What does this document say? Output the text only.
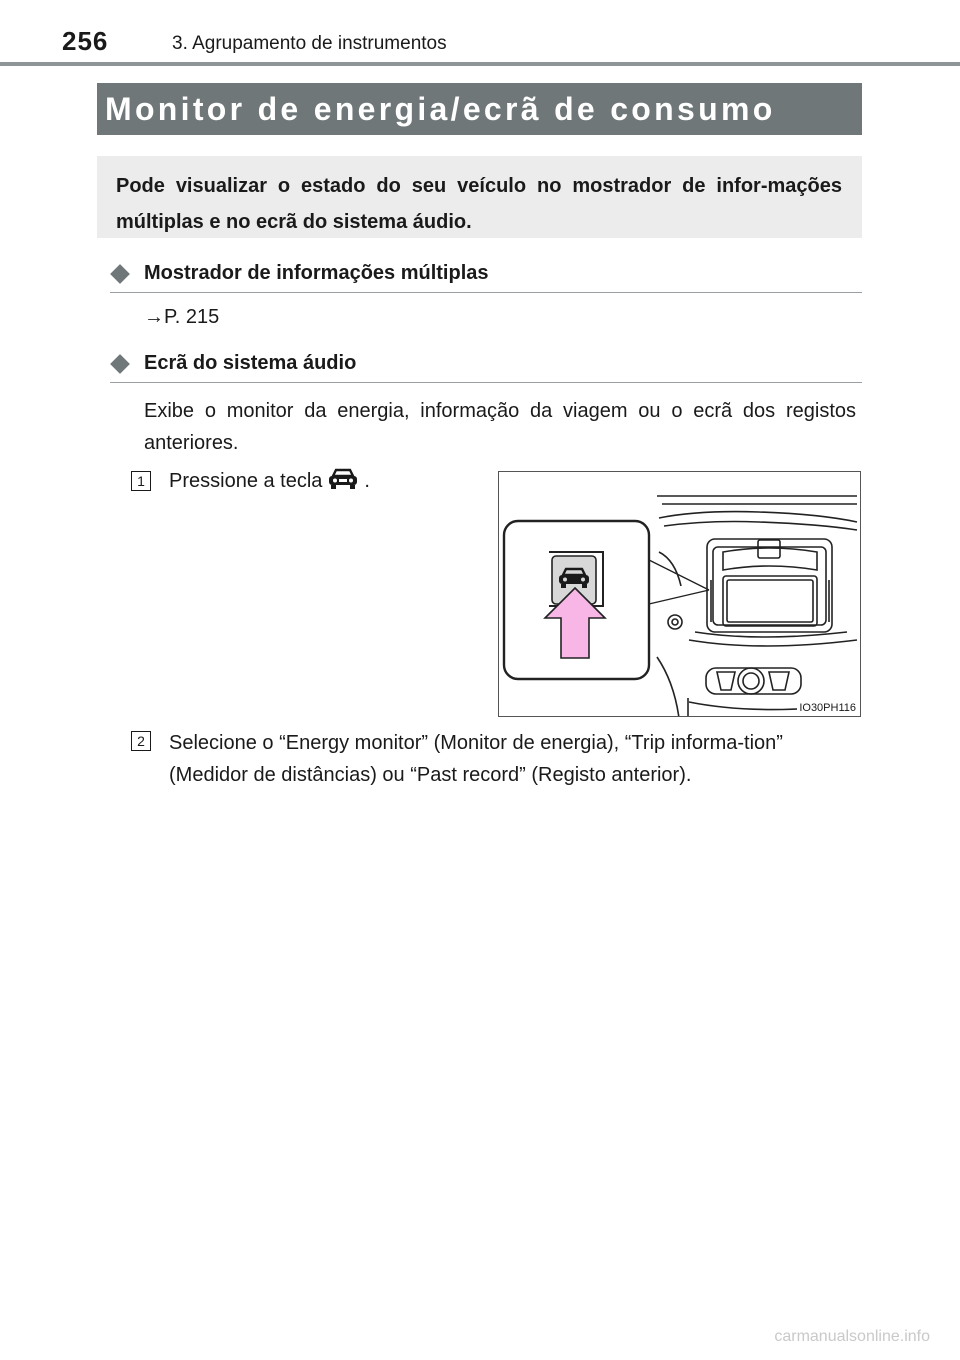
256	3. Agrupamento de instrumentos
Monitor de energia/ecrã de consumo
Pode visualizar o estado do seu veículo no mostrador de infor-mações múltiplas e no ecrã do sistema áudio.
Mostrador de informações múltiplas
→P. 215
Ecrã do sistema áudio
Exibe o monitor da energia, informação da viagem ou o ecrã dos registos anteriores.
1	Pressione a tecla .
IO30PH116
2	Selecione o “Energy monitor” (Monitor de energia), “Trip informa-tion” (Medidor de distâncias) ou “Past record” (Registo anterior).
carmanualsonline.info
